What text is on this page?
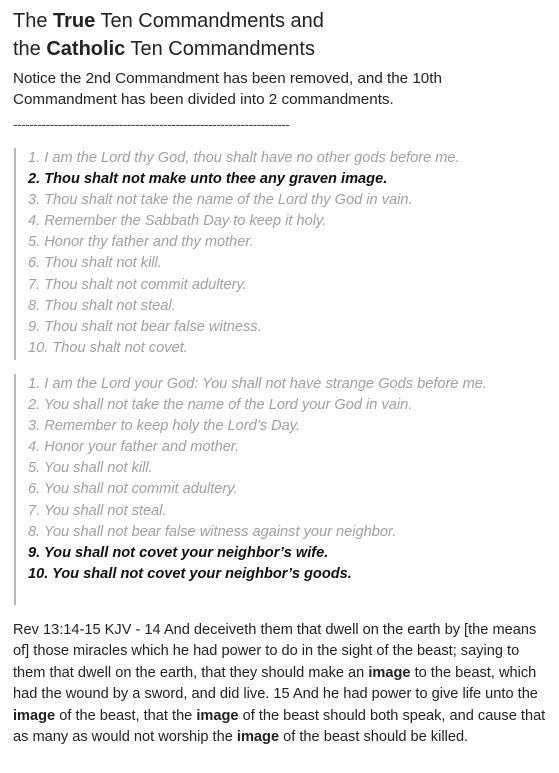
The True Ten Commandments and
the Catholic Ten Commandments

Notice the 2nd Commandment has been removed, and the 10th Commandment has been divided into 2 commandments.

--------------------------------------------------------------------
1. I am the Lord thy God, thou shalt have no other gods before me.
2. Thou shalt not make unto thee any graven image.
3. Thou shalt not take the name of the Lord thy God in vain.
4. Remember the Sabbath Day to keep it holy.
5. Honor thy father and thy mother.
6. Thou shalt not kill.
7. Thou shalt not commit adultery.
8. Thou shalt not steal.
9. Thou shalt not bear false witness.
10. Thou shalt not covet.
1. I am the Lord your God: You shall not have strange Gods before me.
2. You shall not take the name of the Lord your God in vain.
3. Remember to keep holy the Lord’s Day.
4. Honor your father and mother.
5. You shall not kill.
6. You shall not commit adultery.
7. You shall not steal.
8. You shall not bear false witness against your neighbor.
9. You shall not covet your neighbor’s wife.
10. You shall not covet your neighbor’s goods.

Rev 13:14-15 KJV - 14 And deceiveth them that dwell on the earth by [the means of] those miracles which he had power to do in the sight of the beast; saying to them that dwell on the earth, that they should make an image to the beast, which had the wound by a sword, and did live. 15 And he had power to give life unto the image of the beast, that the image of the beast should both speak, and cause that as many as would not worship the image of the beast should be killed.
